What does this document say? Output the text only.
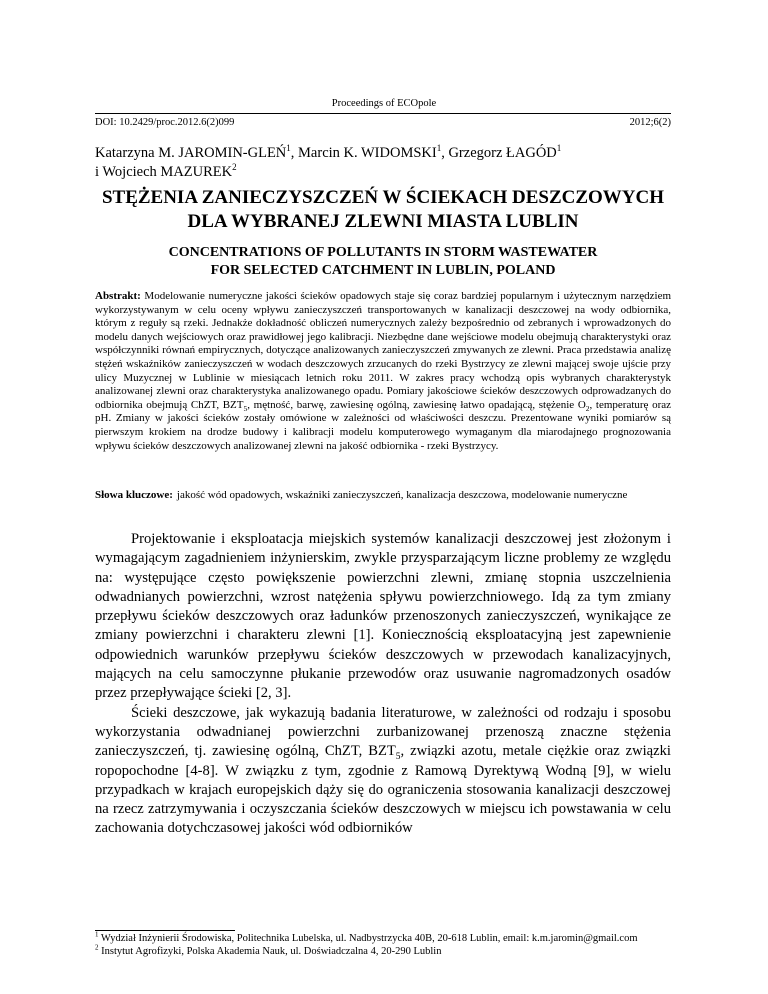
Proceedings of ECOpole
DOI: 10.2429/proc.2012.6(2)099	2012;6(2)
Katarzyna M. JAROMIN-GLEŃ$^1$, Marcin K. WIDOMSKI$^1$, Grzegorz ŁAGÓD$^1$
i Wojciech MAZUREK$^2$
STĘŻENIA ZANIECZYSZCZEŃ W ŚCIEKACH DESZCZOWYCH
DLA WYBRANEJ ZLEWNI MIASTA LUBLIN
CONCENTRATIONS OF POLLUTANTS IN STORM WASTEWATER
FOR SELECTED CATCHMENT IN LUBLIN, POLAND
Abstrakt: Modelowanie numeryczne jakości ścieków opadowych staje się coraz bardziej popularnym i użytecznym narzędziem wykorzystywanym w celu oceny wpływu zanieczyszczeń transportowanych w kanalizacji deszczowej na wody odbiornika, którym z reguły są rzeki. Jednakże dokładność obliczeń numerycznych zależy bezpośrednio od zebranych i wprowadzonych do modelu danych wejściowych oraz prawidłowej jego kalibracji. Niezbędne dane wejściowe modelu obejmują charakterystyki oraz współczynniki równań empirycznych, dotyczące analizowanych zanieczyszczeń zmywanych ze zlewni. Praca przedstawia analizę stężeń wskaźników zanieczyszczeń w wodach deszczowych zrzucanych do rzeki Bystrzycy ze zlewni mającej swoje ujście przy ulicy Muzycznej w Lublinie w miesiącach letnich roku 2011. W zakres pracy wchodzą opis wybranych charakterystyk analizowanej zlewni oraz charakterystyka analizowanego opadu. Pomiary jakościowe ścieków deszczowych odprowadzanych do odbiornika obejmują ChZT, $BZT_5$, mętność, barwę, zawiesinę ogólną, zawiesinę łatwo opadającą, stężenie $O_2$, temperaturę oraz pH. Zmiany w jakości ścieków zostały omówione w zależności od właściwości deszczu. Prezentowane wyniki pomiarów są pierwszym krokiem na drodze budowy i kalibracji modelu komputerowego wymaganym dla miarodajnego prognozowania wpływu ścieków deszczowych analizowanej zlewni na jakość odbiornika - rzeki Bystrzycy.
Słowa kluczowe: jakość wód opadowych, wskaźniki zanieczyszczeń, kanalizacja deszczowa, modelowanie numeryczne

Projektowanie i eksploatacja miejskich systemów kanalizacji deszczowej jest złożonym i wymagającym zagadnieniem inżynierskim, zwykle przysparzającym liczne problemy ze względu na: występujące często powiększenie powierzchni zlewni, zmianę stopnia uszczelnienia odwadnianych powierzchni, wzrost natężenia spływu powierzchniowego. Idą za tym zmiany przepływu ścieków deszczowych oraz ładunków przenoszonych zanieczyszczeń, wynikające ze zmiany powierzchni i charakteru zlewni [1]. Koniecznością eksploatacyjną jest zapewnienie odpowiednich warunków przepływu ścieków deszczowych w przewodach kanalizacyjnych, mających na celu samoczynne płukanie przewodów oraz usuwanie nagromadzonych osadów przez przepływające ścieki [2, 3].

Ścieki deszczowe, jak wykazują badania literaturowe, w zależności od rodzaju i sposobu wykorzystania odwadnianej powierzchni zurbanizowanej przenoszą znaczne stężenia zanieczyszczeń, tj. zawiesinę ogólną, ChZT, $BZT_5$, związki azotu, metale ciężkie oraz związki ropopochodne [4-8]. W związku z tym, zgodnie z Ramową Dyrektywą Wodną [9], w wielu przypadkach w krajach europejskich dąży się do ograniczenia stosowania kanalizacji deszczowej na rzecz zatrzymywania i oczyszczania ścieków deszczowych w miejscu ich powstawania w celu zachowania dotychczasowej jakości wód odbiorników

$^1$ Wydział Inżynierii Środowiska, Politechnika Lubelska, ul. Nadbystrzycka 40B, 20-618 Lublin, email: k.m.jaromin@gmail.com
$^2$ Instytut Agrofizyki, Polska Akademia Nauk, ul. Doświadczalna 4, 20-290 Lublin
